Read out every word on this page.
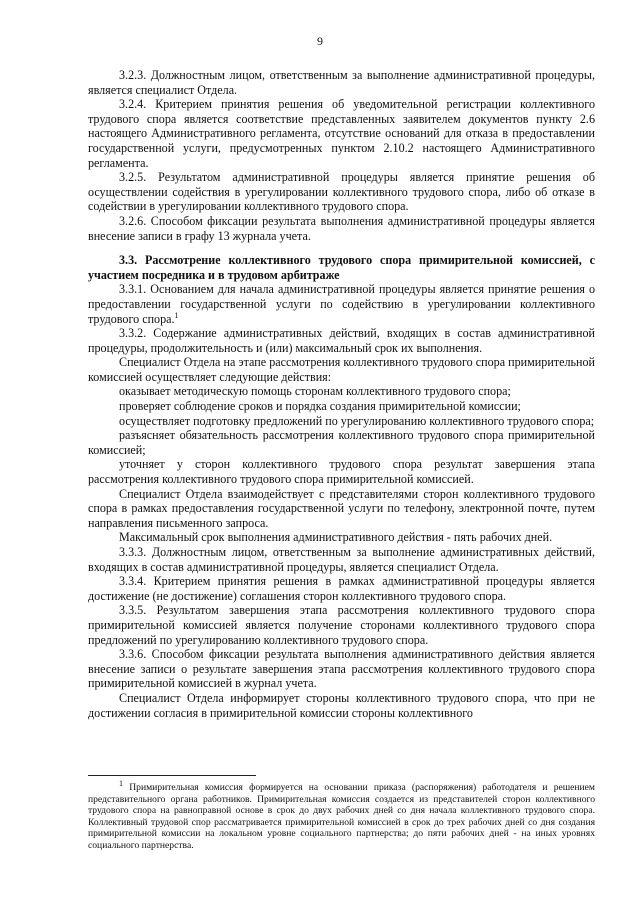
9

3.2.3. Должностным лицом, ответственным за выполнение административной процедуры, является специалист Отдела.

3.2.4. Критерием принятия решения об уведомительной регистрации коллективного трудового спора является соответствие представленных заявителем документов пункту 2.6 настоящего Административного регламента, отсутствие оснований для отказа в предоставлении государственной услуги, предусмотренных пунктом 2.10.2 настоящего Административного регламента.

3.2.5. Результатом административной процедуры является принятие решения об осуществлении содействия в урегулировании коллективного трудового спора, либо об отказе в содействии в урегулировании коллективного трудового спора.

3.2.6. Способом фиксации результата выполнения административной процедуры является внесение записи в графу 13 журнала учета.

3.3. Рассмотрение коллективного трудового спора примирительной комиссией, с участием посредника и в трудовом арбитраже

3.3.1. Основанием для начала административной процедуры является принятие решения о предоставлении государственной услуги по содействию в урегулировании коллективного трудового спора.$^1$

3.3.2. Содержание административных действий, входящих в состав административной процедуры, продолжительность и (или) максимальный срок их выполнения.

Специалист Отдела на этапе рассмотрения коллективного трудового спора примирительной комиссией осуществляет следующие действия:

оказывает методическую помощь сторонам коллективного трудового спора;

проверяет соблюдение сроков и порядка создания примирительной комиссии;

осуществляет подготовку предложений по урегулированию коллективного трудового спора;

разъясняет обязательность рассмотрения коллективного трудового спора примирительной комиссией;

уточняет у сторон коллективного трудового спора результат завершения этапа рассмотрения коллективного трудового спора примирительной комиссией.

Специалист Отдела взаимодействует с представителями сторон коллективного трудового спора в рамках предоставления государственной услуги по телефону, электронной почте, путем направления письменного запроса.

Максимальный срок выполнения административного действия - пять рабочих дней.

3.3.3. Должностным лицом, ответственным за выполнение административных действий, входящих в состав административной процедуры, является специалист Отдела.

3.3.4. Критерием принятия решения в рамках административной процедуры является достижение (не достижение) соглашения сторон коллективного трудового спора.

3.3.5. Результатом завершения этапа рассмотрения коллективного трудового спора примирительной комиссией является получение сторонами коллективного трудового спора предложений по урегулированию коллективного трудового спора.

3.3.6. Способом фиксации результата выполнения административного действия является внесение записи о результате завершения этапа рассмотрения коллективного трудового спора примирительной комиссией в журнал учета.

Специалист Отдела информирует стороны коллективного трудового спора, что при не достижении согласия в примирительной комиссии стороны коллективного

$^1$ Примирительная комиссия формируется на основании приказа (распоряжения) работодателя и решением представительного органа работников. Примирительная комиссия создается из представителей сторон коллективного трудового спора на равноправной основе в срок до двух рабочих дней со дня начала коллективного трудового спора. Коллективный трудовой спор рассматривается примирительной комиссией в срок до трех рабочих дней со дня создания примирительной комиссии на локальном уровне социального партнерства; до пяти рабочих дней - на иных уровнях социального партнерства.
